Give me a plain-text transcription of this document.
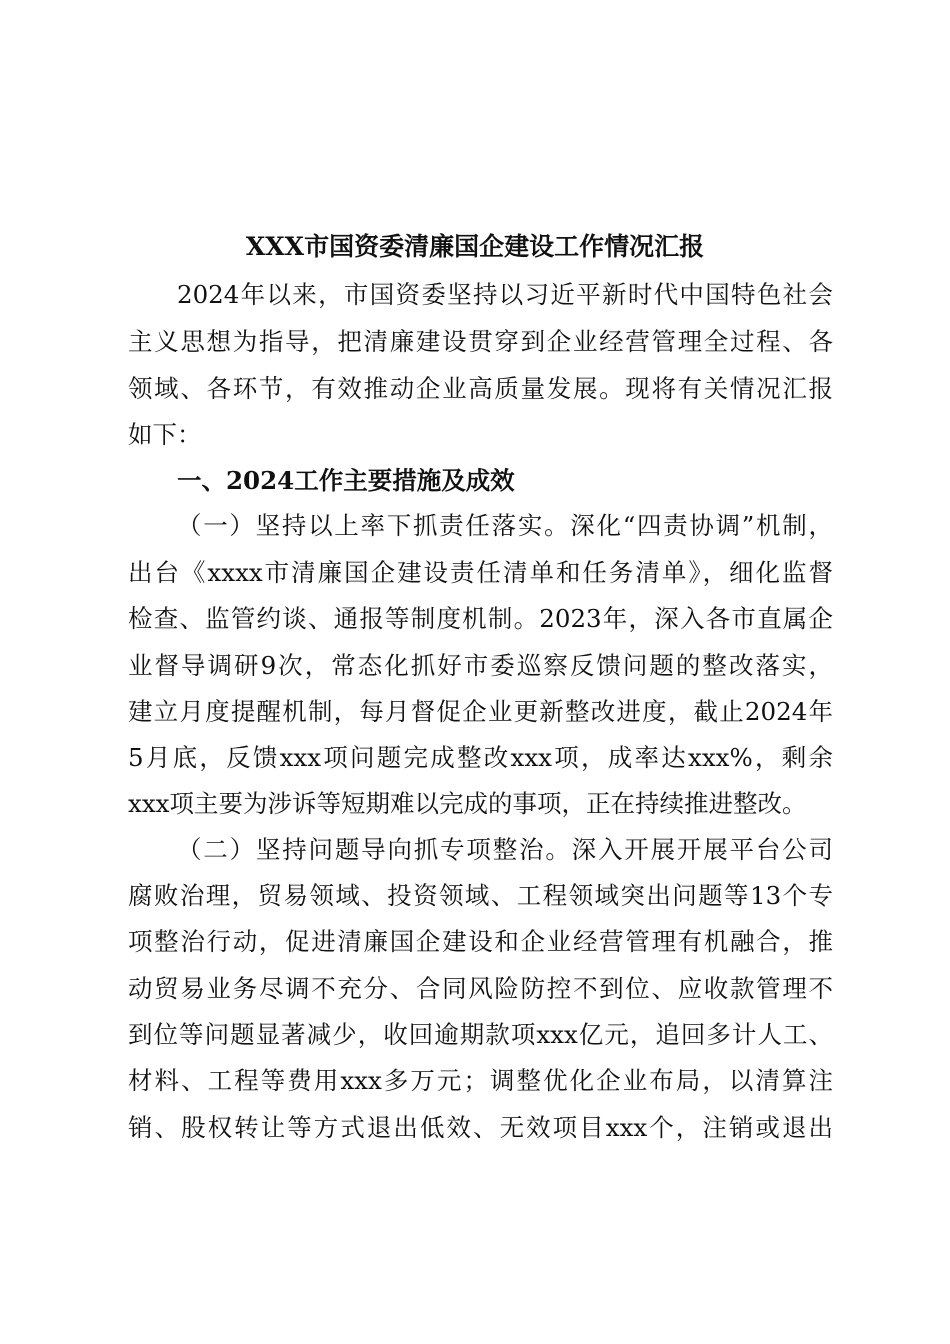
XXX市国资委清廉国企建设工作情况汇报
2024年以来，市国资委坚持以习近平新时代中国特色社会
主义思想为指导，把清廉建设贯穿到企业经营管理全过程、各
领域、各环节，有效推动企业高质量发展。现将有关情况汇报
如下：
一、2024工作主要措施及成效
（一）坚持以上率下抓责任落实。深化“四责协调”机制，
出台《xxxx市清廉国企建设责任清单和任务清单》，细化监督
检查、监管约谈、通报等制度机制。2023年，深入各市直属企
业督导调研9次，常态化抓好市委巡察反馈问题的整改落实，
建立月度提醒机制，每月督促企业更新整改进度，截止2024年
5月底，反馈xxx项问题完成整改xxx项，成率达xxx%，剩余
xxx项主要为涉诉等短期难以完成的事项，正在持续推进整改。
（二）坚持问题导向抓专项整治。深入开展开展平台公司
腐败治理，贸易领域、投资领域、工程领域突出问题等13个专
项整治行动，促进清廉国企建设和企业经营管理有机融合，推
动贸易业务尽调不充分、合同风险防控不到位、应收款管理不
到位等问题显著减少，收回逾期款项xxx亿元，追回多计人工、
材料、工程等费用xxx多万元；调整优化企业布局，以清算注
销、股权转让等方式退出低效、无效项目xxx个，注销或退出
